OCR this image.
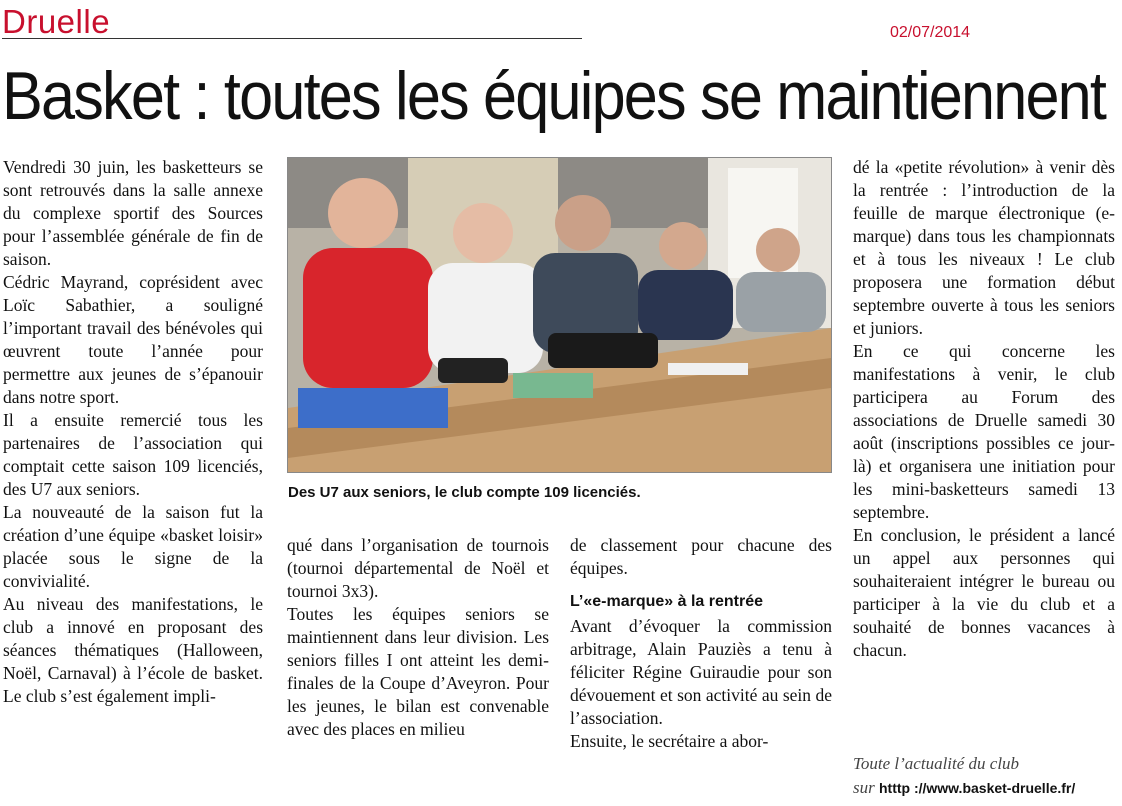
Druelle	02/07/2014
Basket : toutes les équipes se maintiennent

Vendredi 30 juin, les basketteurs se sont retrouvés dans la salle annexe du complexe sportif des Sources pour l’assemblée générale de fin de saison.

Cédric Mayrand, coprésident avec Loïc Sabathier, a souligné l’important travail des bénévoles qui œuvrent toute l’année pour permettre aux jeunes de s’épanouir dans notre sport.

Il a ensuite remercié tous les partenaires de l’association qui comptait cette saison 109 licenciés, des U7 aux seniors.

La nouveauté de la saison fut la création d’une équipe «basket loisir» placée sous le signe de la convivialité.

Au niveau des manifestations, le club a innové en proposant des séances thématiques (Halloween, Noël, Carnaval) à l’école de basket. Le club s’est également impli-

Des U7 aux seniors, le club compte 109 licenciés.

qué dans l’organisation de tournois (tournoi départemental de Noël et tournoi 3x3).

Toutes les équipes seniors se maintiennent dans leur division. Les seniors filles I ont atteint les demi-finales de la Coupe d’Aveyron. Pour les jeunes, le bilan est convenable avec des places en milieu

de classement pour chacune des équipes.

L’«e-marque» à la rentrée

Avant d’évoquer la commission arbitrage, Alain Pauziès a tenu à féliciter Régine Guiraudie pour son dévouement et son activité au sein de l’association.

Ensuite, le secrétaire a abor-

dé la «petite révolution» à venir dès la rentrée : l’introduction de la feuille de marque électronique (e-marque) dans tous les championnats et à tous les niveaux ! Le club proposera une formation début septembre ouverte à tous les seniors et juniors.

En ce qui concerne les manifestations à venir, le club participera au Forum des associations de Druelle samedi 30 août (inscriptions possibles ce jour-là) et organisera une initiation pour les mini-basketteurs samedi 13 septembre.

En conclusion, le président a lancé un appel aux personnes qui souhaiteraient intégrer le bureau ou participer à la vie du club et a souhaité de bonnes vacances à chacun.

Toute l’actualité du club
sur htttp ://www.basket-druelle.fr/
